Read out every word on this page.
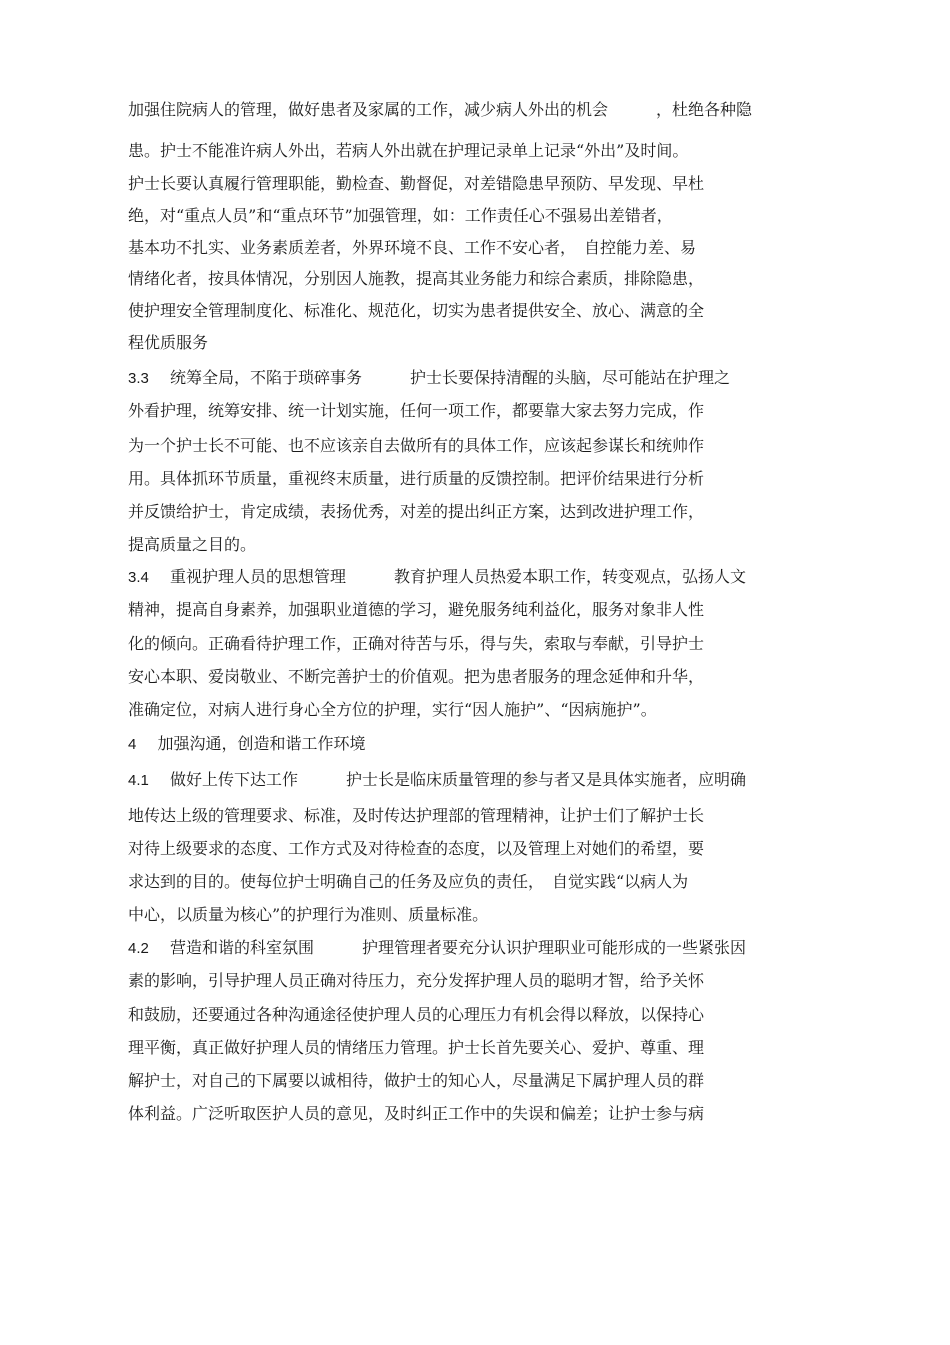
加强住院病人的管理，做好患者及家属的工作，减少病人外出的机会　　　，杜绝各种隐
患。护士不能准许病人外出，若病人外出就在护理记录单上记录“外出”及时间。
护士长要认真履行管理职能，勤检查、勤督促，对差错隐患早预防、早发现、早杜
绝，对“重点人员”和“重点环节”加强管理，如：工作责任心不强易出差错者，
基本功不扎实、业务素质差者，外界环境不良、工作不安心者，　自控能力差、易
情绪化者，按具体情况，分别因人施教，提高其业务能力和综合素质，排除隐患，
使护理安全管理制度化、标准化、规范化，切实为患者提供安全、放心、满意的全
程优质服务
3.3　 统筹全局，不陷于琐碎事务　　　护士长要保持清醒的头脑，尽可能站在护理之
外看护理，统筹安排、统一计划实施，任何一项工作，都要靠大家去努力完成，作
为一个护士长不可能、也不应该亲自去做所有的具体工作，应该起参谋长和统帅作
用。具体抓环节质量，重视终末质量，进行质量的反馈控制。把评价结果进行分析
并反馈给护士，肯定成绩，表扬优秀，对差的提出纠正方案，达到改进护理工作，
提高质量之目的。
3.4　 重视护理人员的思想管理　　　教育护理人员热爱本职工作，转变观点，弘扬人文
精神，提高自身素养，加强职业道德的学习，避免服务纯利益化，服务对象非人性
化的倾向。正确看待护理工作，正确对待苦与乐，得与失，索取与奉献，引导护士
安心本职、爱岗敬业、不断完善护士的价值观。把为患者服务的理念延伸和升华，
准确定位，对病人进行身心全方位的护理，实行“因人施护”、“因病施护”。
4　 加强沟通，创造和谐工作环境
4.1　 做好上传下达工作　　　护士长是临床质量管理的参与者又是具体实施者，应明确
地传达上级的管理要求、标准，及时传达护理部的管理精神，让护士们了解护士长
对待上级要求的态度、工作方式及对待检查的态度，以及管理上对她们的希望，要
求达到的目的。使每位护士明确自己的任务及应负的责任，　自觉实践“以病人为
中心，以质量为核心”的护理行为准则、质量标准。
4.2　 营造和谐的科室氛围　　　护理管理者要充分认识护理职业可能形成的一些紧张因
素的影响，引导护理人员正确对待压力，充分发挥护理人员的聪明才智，给予关怀
和鼓励，还要通过各种沟通途径使护理人员的心理压力有机会得以释放，以保持心
理平衡，真正做好护理人员的情绪压力管理。护士长首先要关心、爱护、尊重、理
解护士，对自己的下属要以诚相待，做护士的知心人，尽量满足下属护理人员的群
体利益。广泛听取医护人员的意见，及时纠正工作中的失误和偏差；让护士参与病
